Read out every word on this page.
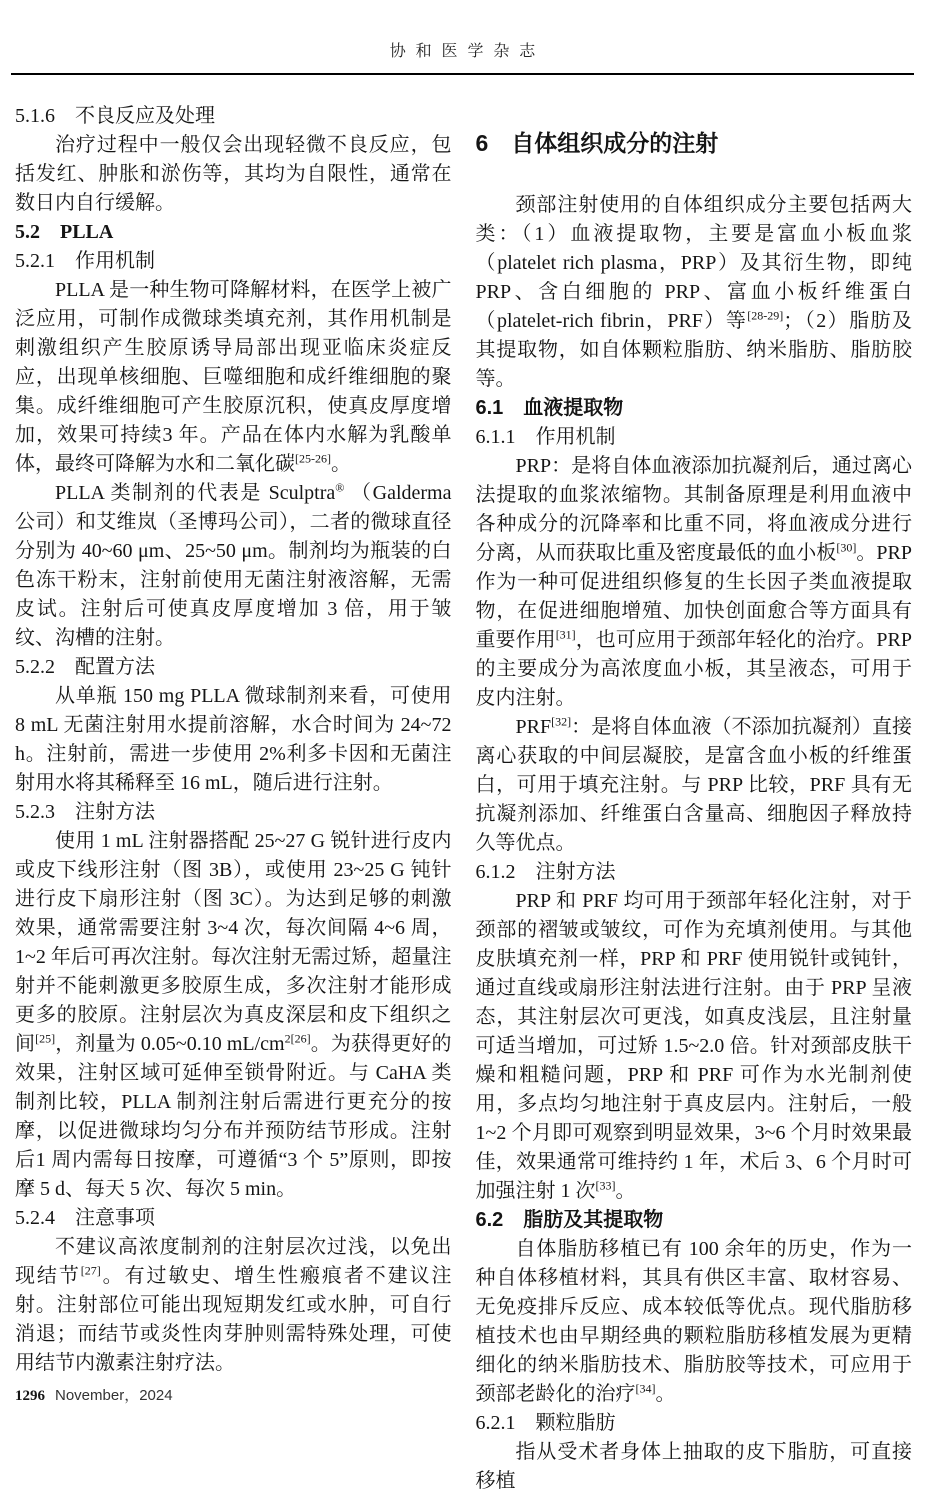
协和医学杂志
5.1.6　不良反应及处理

治疗过程中一般仅会出现轻微不良反应，包括发红、肿胀和淤伤等，其均为自限性，通常在数日内自行缓解。

5.2　PLLA
5.2.1　作用机制

PLLA 是一种生物可降解材料，在医学上被广泛应用，可制作成微球类填充剂，其作用机制是刺激组织产生胶原诱导局部出现亚临床炎症反应，出现单核细胞、巨噬细胞和成纤维细胞的聚集。成纤维细胞可产生胶原沉积，使真皮厚度增加，效果可持续3 年。产品在体内水解为乳酸单体，最终可降解为水和二氧化碳[25-26]。

PLLA 类制剂的代表是 Sculptra® （Galderma 公司）和艾维岚（圣博玛公司），二者的微球直径分别为 40~60 μm、25~50 μm。制剂均为瓶装的白色冻干粉末，注射前使用无菌注射液溶解，无需皮试。注射后可使真皮厚度增加 3 倍，用于皱纹、沟槽的注射。

5.2.2　配置方法

从单瓶 150 mg PLLA 微球制剂来看，可使用 8 mL 无菌注射用水提前溶解，水合时间为 24~72 h。注射前，需进一步使用 2%利多卡因和无菌注射用水将其稀释至 16 mL，随后进行注射。

5.2.3　注射方法

使用 1 mL 注射器搭配 25~27 G 锐针进行皮内或皮下线形注射（图 3B），或使用 23~25 G 钝针进行皮下扇形注射（图 3C）。为达到足够的刺激效果，通常需要注射 3~4 次，每次间隔 4~6 周，1~2 年后可再次注射。每次注射无需过矫，超量注射并不能刺激更多胶原生成，多次注射才能形成更多的胶原。注射层次为真皮深层和皮下组织之间[25]，剂量为 0.05~0.10 mL/cm$^{2[26]}$。为获得更好的效果，注射区域可延伸至锁骨附近。与 CaHA 类制剂比较，PLLA 制剂注射后需进行更充分的按摩，以促进微球均匀分布并预防结节形成。注射后1 周内需每日按摩，可遵循“3 个 5”原则，即按摩 5 d、每天 5 次、每次 5 min。

5.2.4　注意事项

不建议高浓度制剂的注射层次过浅，以免出现结节[27]。有过敏史、增生性瘢痕者不建议注射。注射部位可能出现短期发红或水肿，可自行消退；而结节或炎性肉芽肿则需特殊处理，可使用结节内激素注射疗法。

6　自体组织成分的注射

颈部注射使用的自体组织成分主要包括两大类：（1）血液提取物，主要是富血小板血浆（platelet rich plasma，PRP）及其衍生物，即纯 PRP、含白细胞的 PRP、富血小板纤维蛋白（platelet-rich fibrin，PRF）等[28-29]；（2）脂肪及其提取物，如自体颗粒脂肪、纳米脂肪、脂肪胶等。

6.1　血液提取物
6.1.1　作用机制

PRP：是将自体血液添加抗凝剂后，通过离心法提取的血浆浓缩物。其制备原理是利用血液中各种成分的沉降率和比重不同，将血液成分进行分离，从而获取比重及密度最低的血小板[30]。PRP 作为一种可促进组织修复的生长因子类血液提取物，在促进细胞增殖、加快创面愈合等方面具有重要作用[31]，也可应用于颈部年轻化的治疗。PRP 的主要成分为高浓度血小板，其呈液态，可用于皮内注射。

PRF[32]：是将自体血液（不添加抗凝剂）直接离心获取的中间层凝胶，是富含血小板的纤维蛋白，可用于填充注射。与 PRP 比较，PRF 具有无抗凝剂添加、纤维蛋白含量高、细胞因子释放持久等优点。

6.1.2　注射方法

PRP 和 PRF 均可用于颈部年轻化注射，对于颈部的褶皱或皱纹，可作为充填剂使用。与其他皮肤填充剂一样，PRP 和 PRF 使用锐针或钝针，通过直线或扇形注射法进行注射。由于 PRP 呈液态，其注射层次可更浅，如真皮浅层，且注射量可适当增加，可过矫 1.5~2.0 倍。针对颈部皮肤干燥和粗糙问题，PRP 和 PRF 可作为水光制剂使用，多点均匀地注射于真皮层内。注射后，一般 1~2 个月即可观察到明显效果，3~6 个月时效果最佳，效果通常可维持约 1 年，术后 3、6 个月时可加强注射 1 次[33]。

6.2　脂肪及其提取物

自体脂肪移植已有 100 余年的历史，作为一种自体移植材料，其具有供区丰富、取材容易、无免疫排斥反应、成本较低等优点。现代脂肪移植技术也由早期经典的颗粒脂肪移植发展为更精细化的纳米脂肪技术、脂肪胶等技术，可应用于颈部老龄化的治疗[34]。

6.2.1　颗粒脂肪

指从受术者身体上抽取的皮下脂肪，可直接移植

1296 November，2024
